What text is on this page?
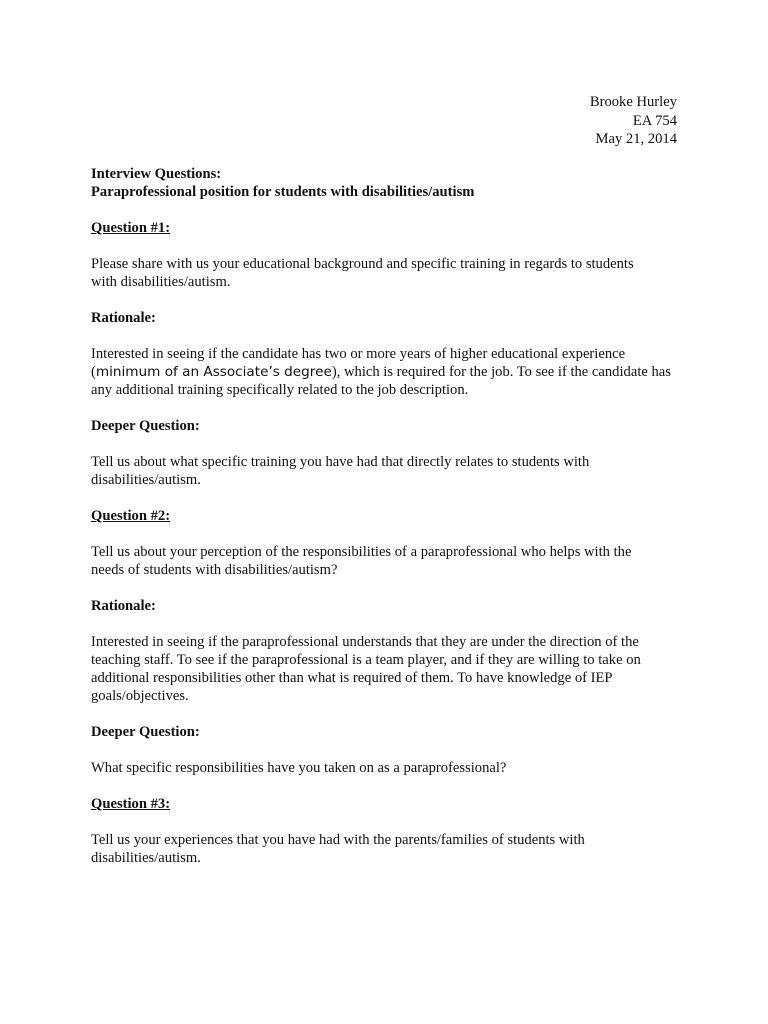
Brooke Hurley
EA 754
May 21, 2014
Interview Questions:
Paraprofessional position for students with disabilities/autism

Question #1:

Please share with us your educational background and specific training in regards to students
with disabilities/autism.

Rationale:

Interested in seeing if the candidate has two or more years of higher educational experience
(minimum of an Associate’s degree), which is required for the job. To see if the candidate has
any additional training specifically related to the job description.

Deeper Question:

Tell us about what specific training you have had that directly relates to students with
disabilities/autism.

Question #2:

Tell us about your perception of the responsibilities of a paraprofessional who helps with the
needs of students with disabilities/autism?

Rationale:

Interested in seeing if the paraprofessional understands that they are under the direction of the
teaching staff. To see if the paraprofessional is a team player, and if they are willing to take on
additional responsibilities other than what is required of them. To have knowledge of IEP
goals/objectives.

Deeper Question:

What specific responsibilities have you taken on as a paraprofessional?

Question #3:

Tell us your experiences that you have had with the parents/families of students with
disabilities/autism.
